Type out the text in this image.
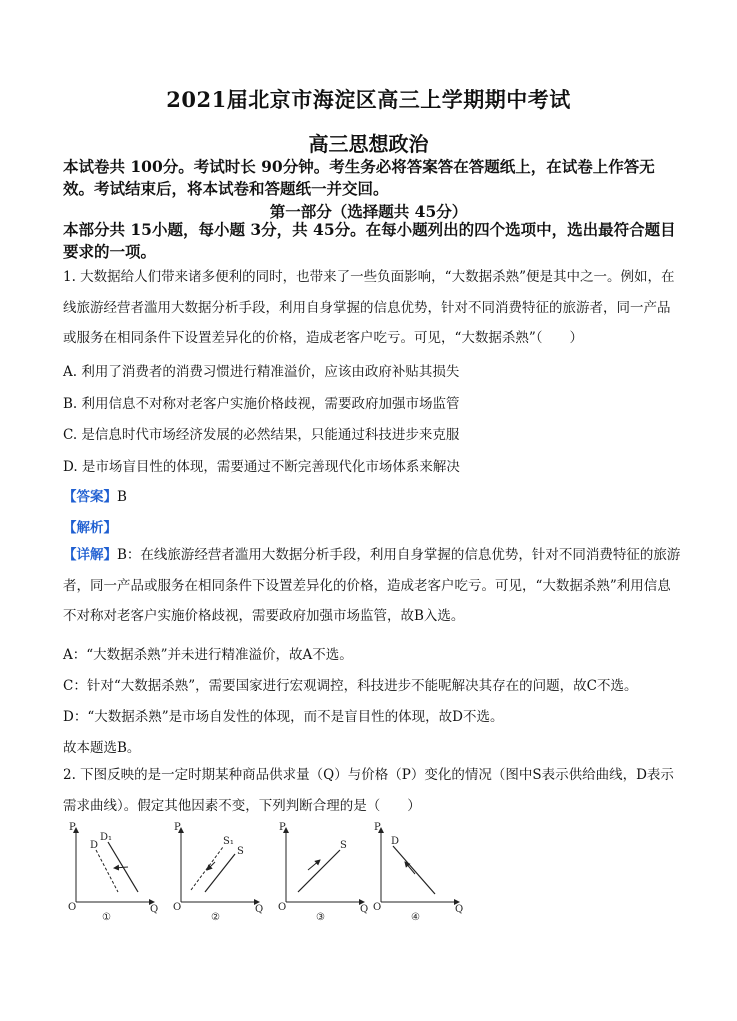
2021届北京市海淀区高三上学期期中考试
高三思想政治
本试卷共 100分。考试时长 90分钟。考生务必将答案答在答题纸上，在试卷上作答无效。考试结束后，将本试卷和答题纸一并交回。
第一部分（选择题共 45分）
本部分共 15小题，每小题 3分，共 45分。在每小题列出的四个选项中，选出最符合题目要求的一项。
1. 大数据给人们带来诸多便利的同时，也带来了一些负面影响，“大数据杀熟”便是其中之一。例如，在线旅游经营者滥用大数据分析手段，利用自身掌握的信息优势，针对不同消费特征的旅游者，同一产品或服务在相同条件下设置差异化的价格，造成老客户吃亏。可见，“大数据杀熟”（　　）
A. 利用了消费者的消费习惯进行精准溢价，应该由政府补贴其损失
B. 利用信息不对称对老客户实施价格歧视，需要政府加强市场监管
C. 是信息时代市场经济发展的必然结果，只能通过科技进步来克服
D. 是市场盲目性的体现，需要通过不断完善现代化市场体系来解决
【答案】B
【解析】
【详解】B：在线旅游经营者滥用大数据分析手段，利用自身掌握的信息优势，针对不同消费特征的旅游者，同一产品或服务在相同条件下设置差异化的价格，造成老客户吃亏。可见，“大数据杀熟”利用信息不对称对老客户实施价格歧视，需要政府加强市场监管，故B入选。
A：“大数据杀熟”并未进行精准溢价，故A不选。
C：针对“大数据杀熟”，需要国家进行宏观调控，科技进步不能呢解决其存在的问题，故C不选。
D：“大数据杀熟”是市场自发性的体现，而不是盲目性的体现，故D不选。
故本题选B。
2. 下图反映的是一定时期某种商品供求量（Q）与价格（P）变化的情况（图中S表示供给曲线，D表示需求曲线）。假定其他因素不变，下列判断合理的是（　　）
P
Q
O
D
D₁
①
P
Q
O
S₁
S
②
P
Q
O
S
③
P
Q
O
D
④
